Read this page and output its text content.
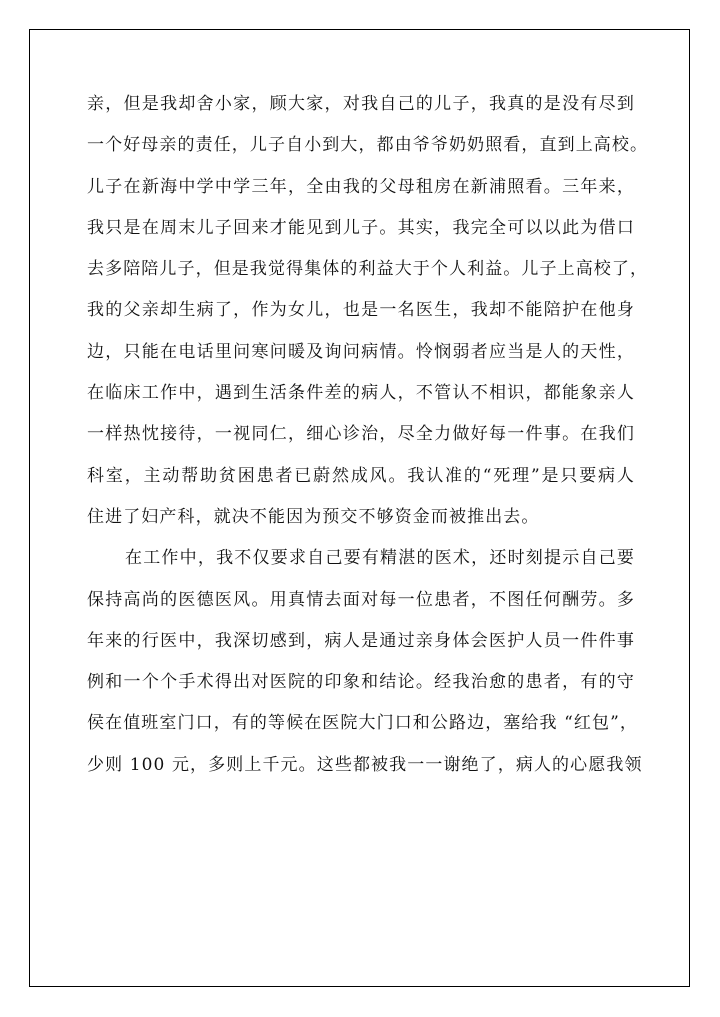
亲，但是我却舍小家，顾大家，对我自己的儿子，我真的是没有尽到
一个好母亲的责任，儿子自小到大，都由爷爷奶奶照看，直到上高校。
儿子在新海中学中学三年，全由我的父母租房在新浦照看。三年来，
我只是在周末儿子回来才能见到儿子。其实，我完全可以以此为借口
去多陪陪儿子，但是我觉得集体的利益大于个人利益。儿子上高校了，
我的父亲却生病了，作为女儿，也是一名医生，我却不能陪护在他身
边，只能在电话里问寒问暖及询问病情。怜悯弱者应当是人的天性，
在临床工作中，遇到生活条件差的病人，不管认不相识，都能象亲人
一样热忱接待，一视同仁，细心诊治，尽全力做好每一件事。在我们
科室，主动帮助贫困患者已蔚然成风。我认准的“死理”是只要病人
住进了妇产科，就决不能因为预交不够资金而被推出去。
在工作中，我不仅要求自己要有精湛的医术，还时刻提示自己要
保持高尚的医德医风。用真情去面对每一位患者，不图任何酬劳。多
年来的行医中，我深切感到，病人是通过亲身体会医护人员一件件事
例和一个个手术得出对医院的印象和结论。经我治愈的患者，有的守
侯在值班室门口，有的等候在医院大门口和公路边，塞给我 “红包”，
少则 100 元，多则上千元。这些都被我一一谢绝了，病人的心愿我领
